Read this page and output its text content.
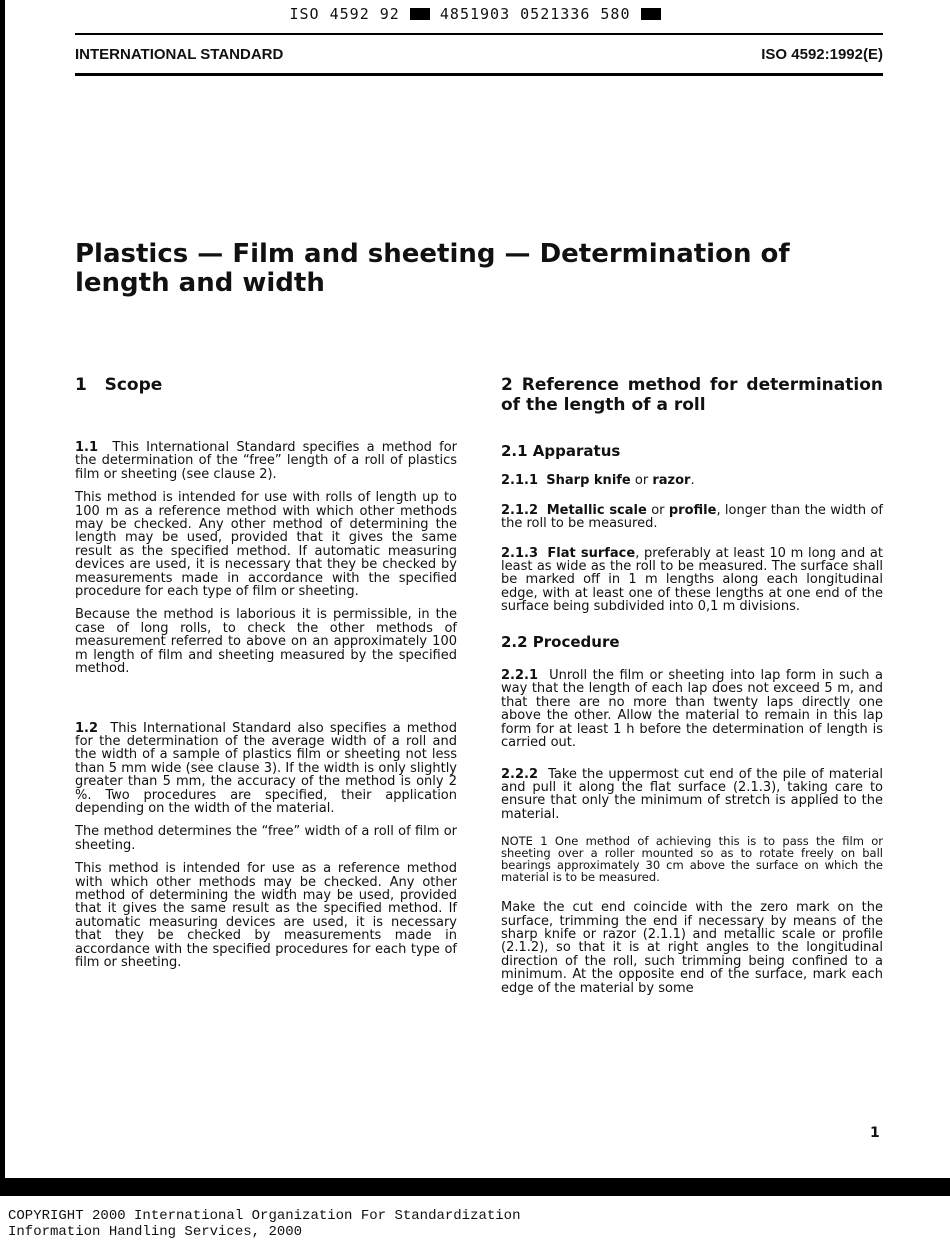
ISO 4592 92	4851903 0521336 580
INTERNATIONAL STANDARD	ISO 4592:1992(E)
Plastics — Film and sheeting — Determination of
length and width

1 Scope

1.1 This International Standard specifies a method for the determination of the “free” length of a roll of plastics film or sheeting (see clause 2).

This method is intended for use with rolls of length up to 100 m as a reference method with which other methods may be checked. Any other method of determining the length may be used, provided that it gives the same result as the specified method. If automatic measuring devices are used, it is necessary that they be checked by measurements made in accordance with the specified procedure for each type of film or sheeting.

Because the method is laborious it is permissible, in the case of long rolls, to check the other methods of measurement referred to above on an approximately 100 m length of film and sheeting measured by the specified method.

1.2 This International Standard also specifies a method for the determination of the average width of a roll and the width of a sample of plastics film or sheeting not less than 5 mm wide (see clause 3). If the width is only slightly greater than 5 mm, the accuracy of the method is only 2 %. Two procedures are specified, their application depending on the width of the material.

The method determines the “free” width of a roll of film or sheeting.

This method is intended for use as a reference method with which other methods may be checked. Any other method of determining the width may be used, provided that it gives the same result as the specified method. If automatic measuring devices are used, it is necessary that they be checked by measurements made in accordance with the specified procedures for each type of film or sheeting.

2 Reference method for determination of the length of a roll

2.1 Apparatus

2.1.1 Sharp knife or razor.

2.1.2 Metallic scale or profile, longer than the width of the roll to be measured.

2.1.3 Flat surface, preferably at least 10 m long and at least as wide as the roll to be measured. The surface shall be marked off in 1 m lengths along each longitudinal edge, with at least one of these lengths at one end of the surface being subdivided into 0,1 m divisions.

2.2 Procedure

2.2.1 Unroll the film or sheeting into lap form in such a way that the length of each lap does not exceed 5 m, and that there are no more than twenty laps directly one above the other. Allow the material to remain in this lap form for at least 1 h before the determination of length is carried out.

2.2.2 Take the uppermost cut end of the pile of material and pull it along the flat surface (2.1.3), taking care to ensure that only the minimum of stretch is applied to the material.

NOTE 1 One method of achieving this is to pass the film or sheeting over a roller mounted so as to rotate freely on ball bearings approximately 30 cm above the surface on which the material is to be measured.

Make the cut end coincide with the zero mark on the surface, trimming the end if necessary by means of the sharp knife or razor (2.1.1) and metallic scale or profile (2.1.2), so that it is at right angles to the longitudinal direction of the roll, such trimming being confined to a minimum. At the opposite end of the surface, mark each edge of the material by some

1
COPYRIGHT 2000 International Organization For Standardization
Information Handling Services, 2000
